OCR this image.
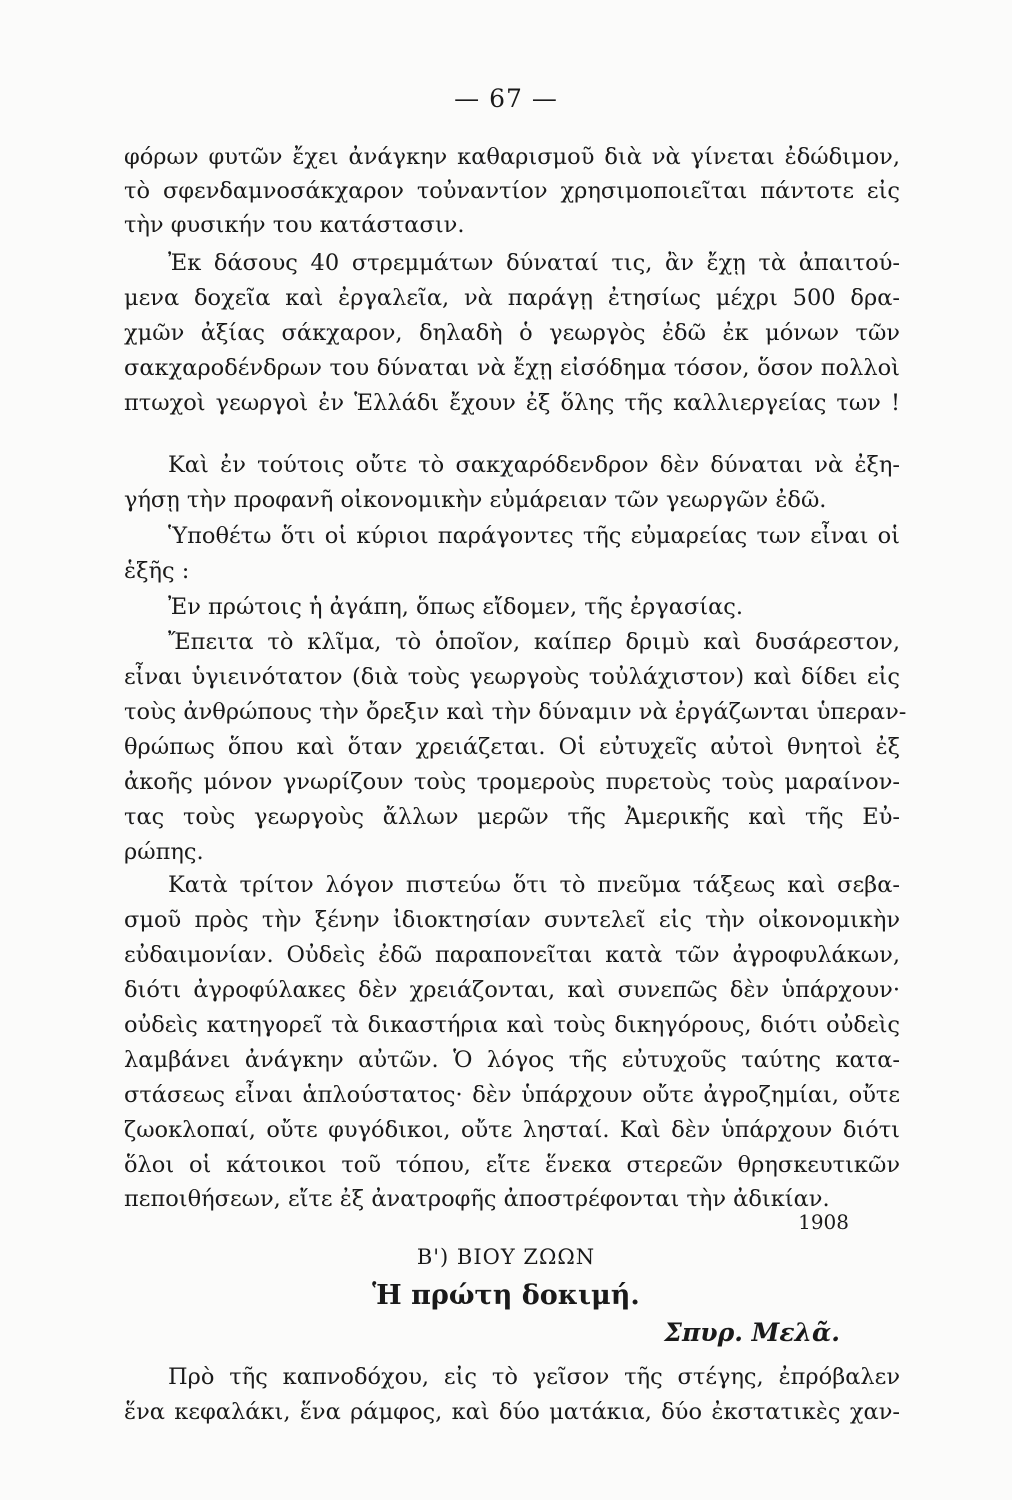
— 67 —
φόρων φυτῶν ἔχει ἀνάγκην καθαρισμοῦ διὰ νὰ γίνεται ἐδώδιμον,
τὸ σφενδαμνοσάκχαρον τοὐναντίον χρησιμοποιεῖται πάντοτε εἰς
τὴν φυσικήν του κατάστασιν.
Ἐκ δάσους 40 στρεμμάτων δύναταί τις, ἂν ἔχῃ τὰ ἀπαιτού-
μενα δοχεῖα καὶ ἐργαλεῖα, νὰ παράγῃ ἐτησίως μέχρι 500 δρα-
χμῶν ἀξίας σάκχαρον, δηλαδὴ ὁ γεωργὸς ἐδῶ ἐκ μόνων τῶν
σακχαροδένδρων του δύναται νὰ ἔχῃ εἰσόδημα τόσον, ὅσον πολλοὶ
πτωχοὶ γεωργοὶ ἐν Ἑλλάδι ἔχουν ἐξ ὅλης τῆς καλλιεργείας των !
Καὶ ἐν τούτοις οὔτε τὸ σακχαρόδενδρον δὲν δύναται νὰ ἐξη-
γήσῃ τὴν προφανῆ οἰκονομικὴν εὐμάρειαν τῶν γεωργῶν ἐδῶ.
Ὑποθέτω ὅτι οἱ κύριοι παράγοντες τῆς εὐμαρείας των εἶναι οἱ
ἑξῆς :
Ἐν πρώτοις ἡ ἀγάπη, ὅπως εἴδομεν, τῆς ἐργασίας.
Ἔπειτα τὸ κλῖμα, τὸ ὁποῖον, καίπερ δριμὺ καὶ δυσάρεστον,
εἶναι ὑγιεινότατον (διὰ τοὺς γεωργοὺς τοὐλάχιστον) καὶ δίδει εἰς
τοὺς ἀνθρώπους τὴν ὄρεξιν καὶ τὴν δύναμιν νὰ ἐργάζωνται ὑπεραν-
θρώπως ὅπου καὶ ὅταν χρειάζεται. Οἱ εὐτυχεῖς αὐτοὶ θνητοὶ ἐξ
ἀκοῆς μόνον γνωρίζουν τοὺς τρομεροὺς πυρετοὺς τοὺς μαραίνον-
τας τοὺς γεωργοὺς ἄλλων μερῶν τῆς Ἀμερικῆς καὶ τῆς Εὐ-
ρώπης.
Κατὰ τρίτον λόγον πιστεύω ὅτι τὸ πνεῦμα τάξεως καὶ σεβα-
σμοῦ πρὸς τὴν ξένην ἰδιοκτησίαν συντελεῖ εἰς τὴν οἰκονομικὴν
εὐδαιμονίαν. Οὐδεὶς ἐδῶ παραπονεῖται κατὰ τῶν ἀγροφυλάκων,
διότι ἀγροφύλακες δὲν χρειάζονται, καὶ συνεπῶς δὲν ὑπάρχουν·
οὐδεὶς κατηγορεῖ τὰ δικαστήρια καὶ τοὺς δικηγόρους, διότι οὐδεὶς
λαμβάνει ἀνάγκην αὐτῶν. Ὁ λόγος τῆς εὐτυχοῦς ταύτης κατα-
στάσεως εἶναι ἁπλούστατος· δὲν ὑπάρχουν οὔτε ἀγροζημίαι, οὔτε
ζωοκλοπαί, οὔτε φυγόδικοι, οὔτε λησταί. Καὶ δὲν ὑπάρχουν διότι
ὅλοι οἱ κάτοικοι τοῦ τόπου, εἴτε ἕνεκα στερεῶν θρησκευτικῶν
πεποιθήσεων, εἴτε ἐξ ἀνατροφῆς ἀποστρέφονται τὴν ἀδικίαν.
1908
Β') ΒΙΟΥ ΖΩΩΝ
Ἡ πρώτη δοκιμή.
Σπυρ. Μελᾶ.
Πρὸ τῆς καπνοδόχου, εἰς τὸ γεῖσον τῆς στέγης, ἐπρόβαλεν
ἕνα κεφαλάκι, ἕνα ράμφος, καὶ δύο ματάκια, δύο ἐκστατικὲς χαν-
